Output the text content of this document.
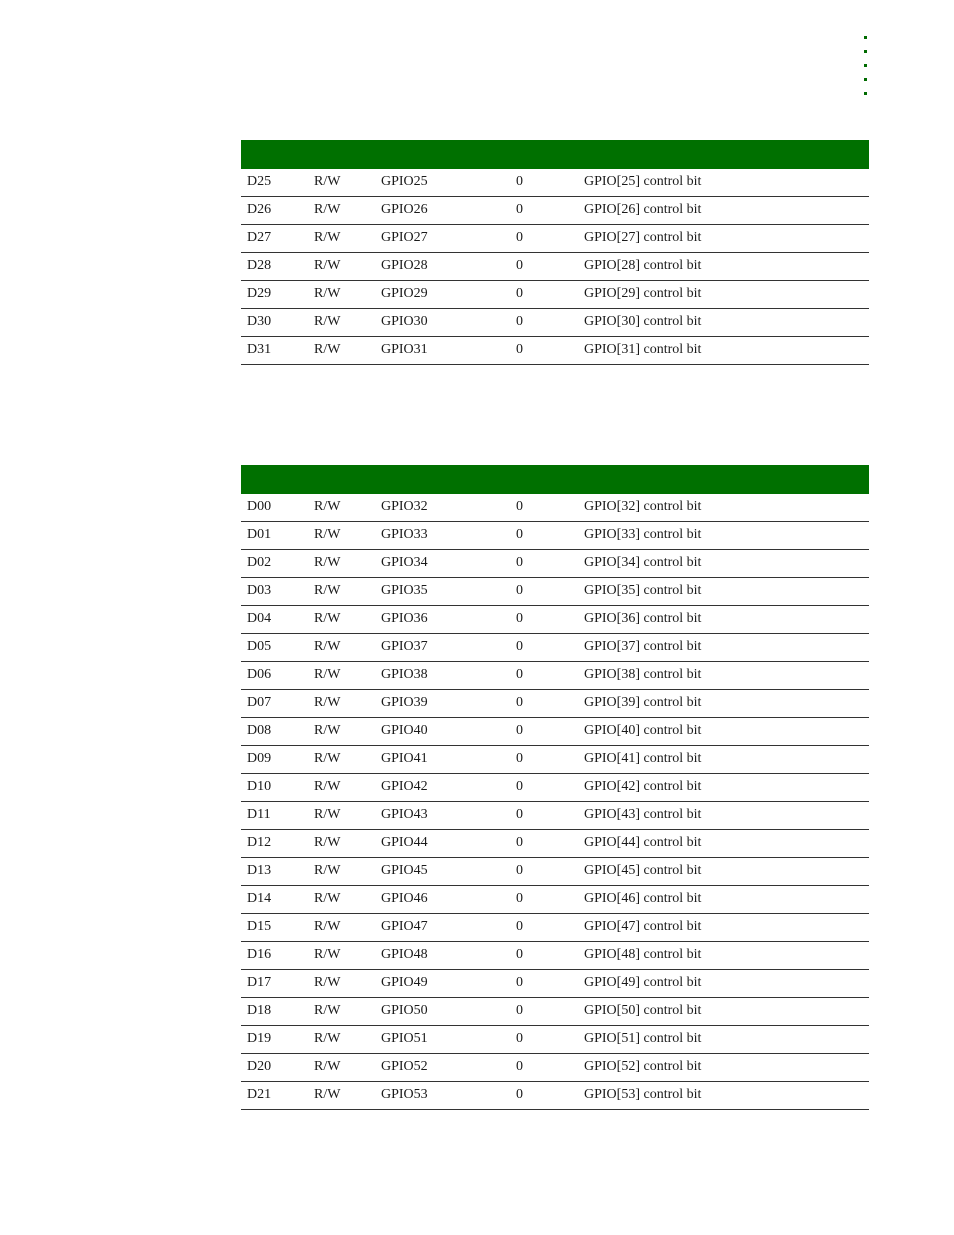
D25	R/W	GPIO25	0	GPIO[25] control bit
D26	R/W	GPIO26	0	GPIO[26] control bit
D27	R/W	GPIO27	0	GPIO[27] control bit
D28	R/W	GPIO28	0	GPIO[28] control bit
D29	R/W	GPIO29	0	GPIO[29] control bit
D30	R/W	GPIO30	0	GPIO[30] control bit
D31	R/W	GPIO31	0	GPIO[31] control bit
D00	R/W	GPIO32	0	GPIO[32] control bit
D01	R/W	GPIO33	0	GPIO[33] control bit
D02	R/W	GPIO34	0	GPIO[34] control bit
D03	R/W	GPIO35	0	GPIO[35] control bit
D04	R/W	GPIO36	0	GPIO[36] control bit
D05	R/W	GPIO37	0	GPIO[37] control bit
D06	R/W	GPIO38	0	GPIO[38] control bit
D07	R/W	GPIO39	0	GPIO[39] control bit
D08	R/W	GPIO40	0	GPIO[40] control bit
D09	R/W	GPIO41	0	GPIO[41] control bit
D10	R/W	GPIO42	0	GPIO[42] control bit
D11	R/W	GPIO43	0	GPIO[43] control bit
D12	R/W	GPIO44	0	GPIO[44] control bit
D13	R/W	GPIO45	0	GPIO[45] control bit
D14	R/W	GPIO46	0	GPIO[46] control bit
D15	R/W	GPIO47	0	GPIO[47] control bit
D16	R/W	GPIO48	0	GPIO[48] control bit
D17	R/W	GPIO49	0	GPIO[49] control bit
D18	R/W	GPIO50	0	GPIO[50] control bit
D19	R/W	GPIO51	0	GPIO[51] control bit
D20	R/W	GPIO52	0	GPIO[52] control bit
D21	R/W	GPIO53	0	GPIO[53] control bit
